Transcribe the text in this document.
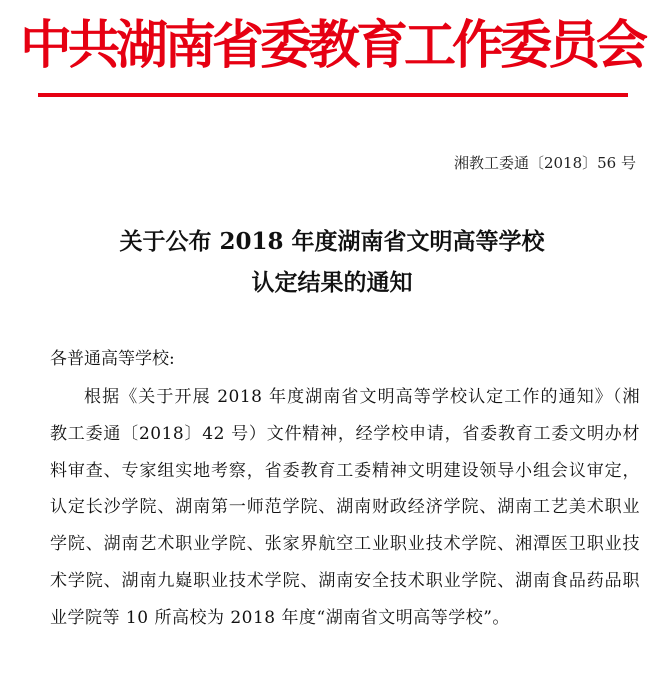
中共湖南省委教育工作委员会
湘教工委通〔2018〕56 号
关于公布 2018 年度湖南省文明高等学校
认定结果的通知
各普通高等学校:

根据《关于开展 2018 年度湖南省文明高等学校认定工作的通知》（湘教工委通〔2018〕42 号）文件精神，经学校申请，省委教育工委文明办材料审查、专家组实地考察，省委教育工委精神文明建设领导小组会议审定，认定长沙学院、湖南第一师范学院、湖南财政经济学院、湖南工艺美术职业学院、湖南艺术职业学院、张家界航空工业职业技术学院、湘潭医卫职业技术学院、湖南九嶷职业技术学院、湖南安全技术职业学院、湖南食品药品职业学院等 10 所高校为 2018 年度“湖南省文明高等学校”。
